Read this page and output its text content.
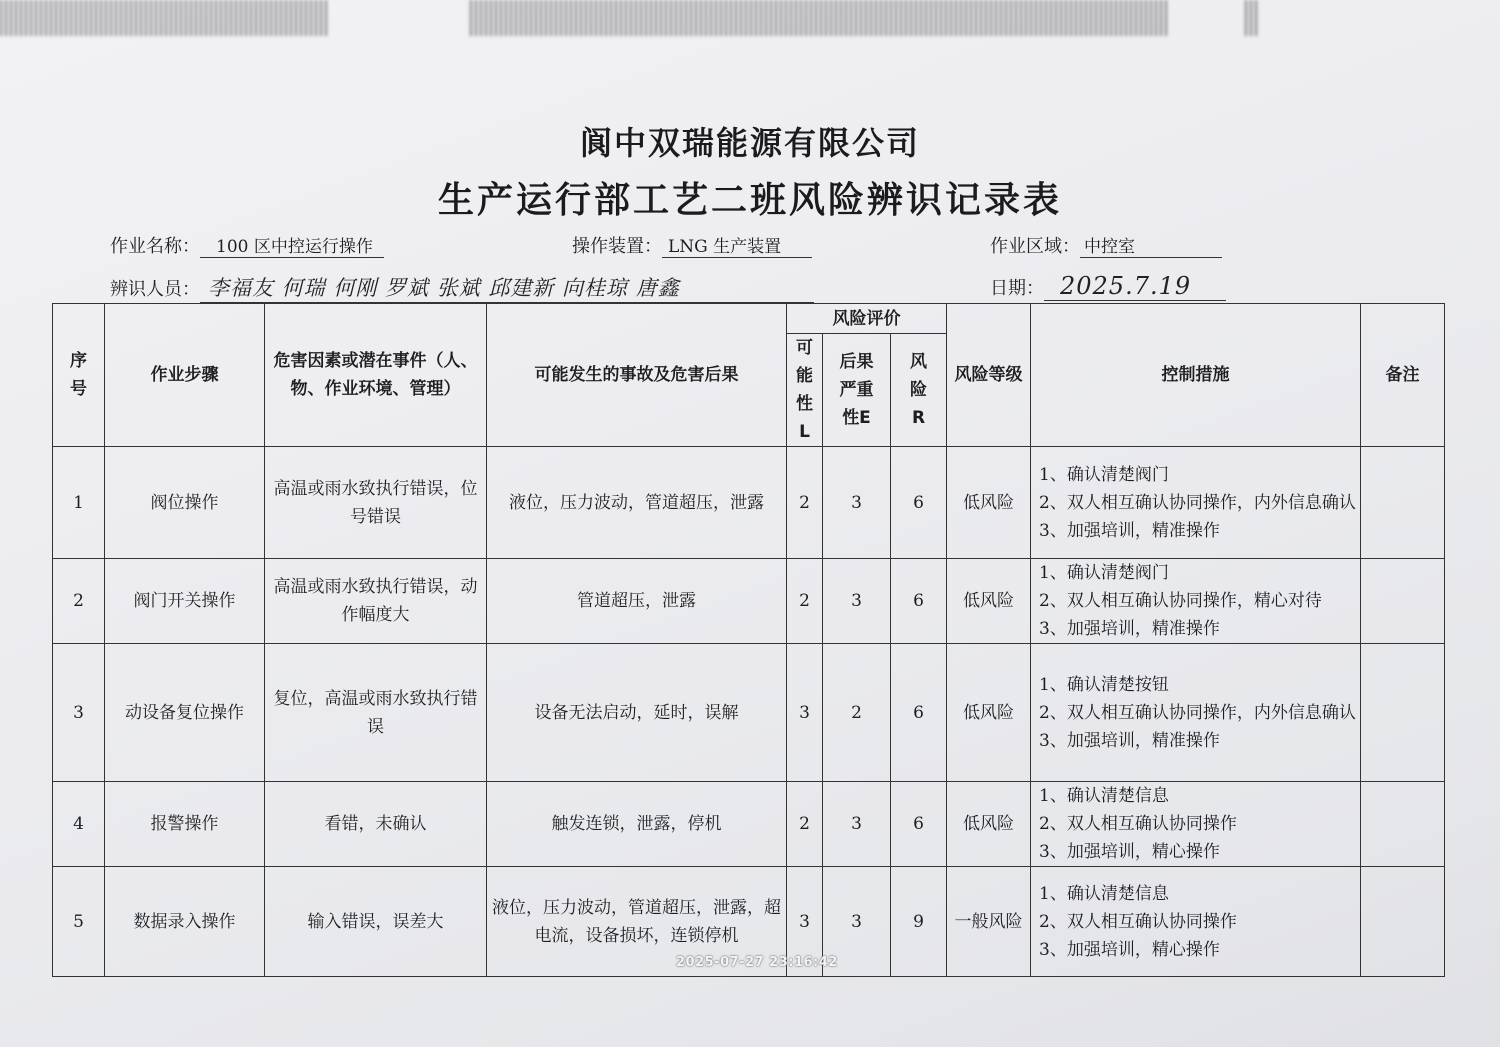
阆中双瑞能源有限公司
生产运行部工艺二班风险辨识记录表
作业名称： 100 区中控运行操作	操作装置： LNG 生产装置	作业区域： 中控室
辨识人员： 李福友 何瑞 何刚 罗斌 张斌 邱建新 向桂琼 唐鑫	日期： 2025.7.19
序号	作业步骤	危害因素或潜在事件（人、物、作业环境、管理）	可能发生的事故及危害后果	风险评价			风险等级	控制措施	备注
				可能性L	后果严重性E	风险R			
1	阀位操作	高温或雨水致执行错误，位号错误	液位，压力波动，管道超压，泄露	2	3	6	低风险	1、确认清楚阀门
2、双人相互确认协同操作，内外信息确认
3、加强培训，精准操作	

2	阀门开关操作	高温或雨水致执行错误，动作幅度大	管道超压，泄露	2	3	6	低风险	1、确认清楚阀门
2、双人相互确认协同操作，精心对待
3、加强培训，精准操作	

3	动设备复位操作	复位，高温或雨水致执行错误	设备无法启动，延时，误解	3	2	6	低风险	1、确认清楚按钮
2、双人相互确认协同操作，内外信息确认
3、加强培训，精准操作	

4	报警操作	看错，未确认	触发连锁，泄露，停机	2	3	6	低风险	1、确认清楚信息
2、双人相互确认协同操作
3、加强培训，精心操作	

5	数据录入操作	输入错误，误差大	液位，压力波动，管道超压，泄露，超电流，设备损坏，连锁停机	3	3	9	一般风险	1、确认清楚信息
2、双人相互确认协同操作
3、加强培训，精心操作	

2025-07-27 23:16:42
